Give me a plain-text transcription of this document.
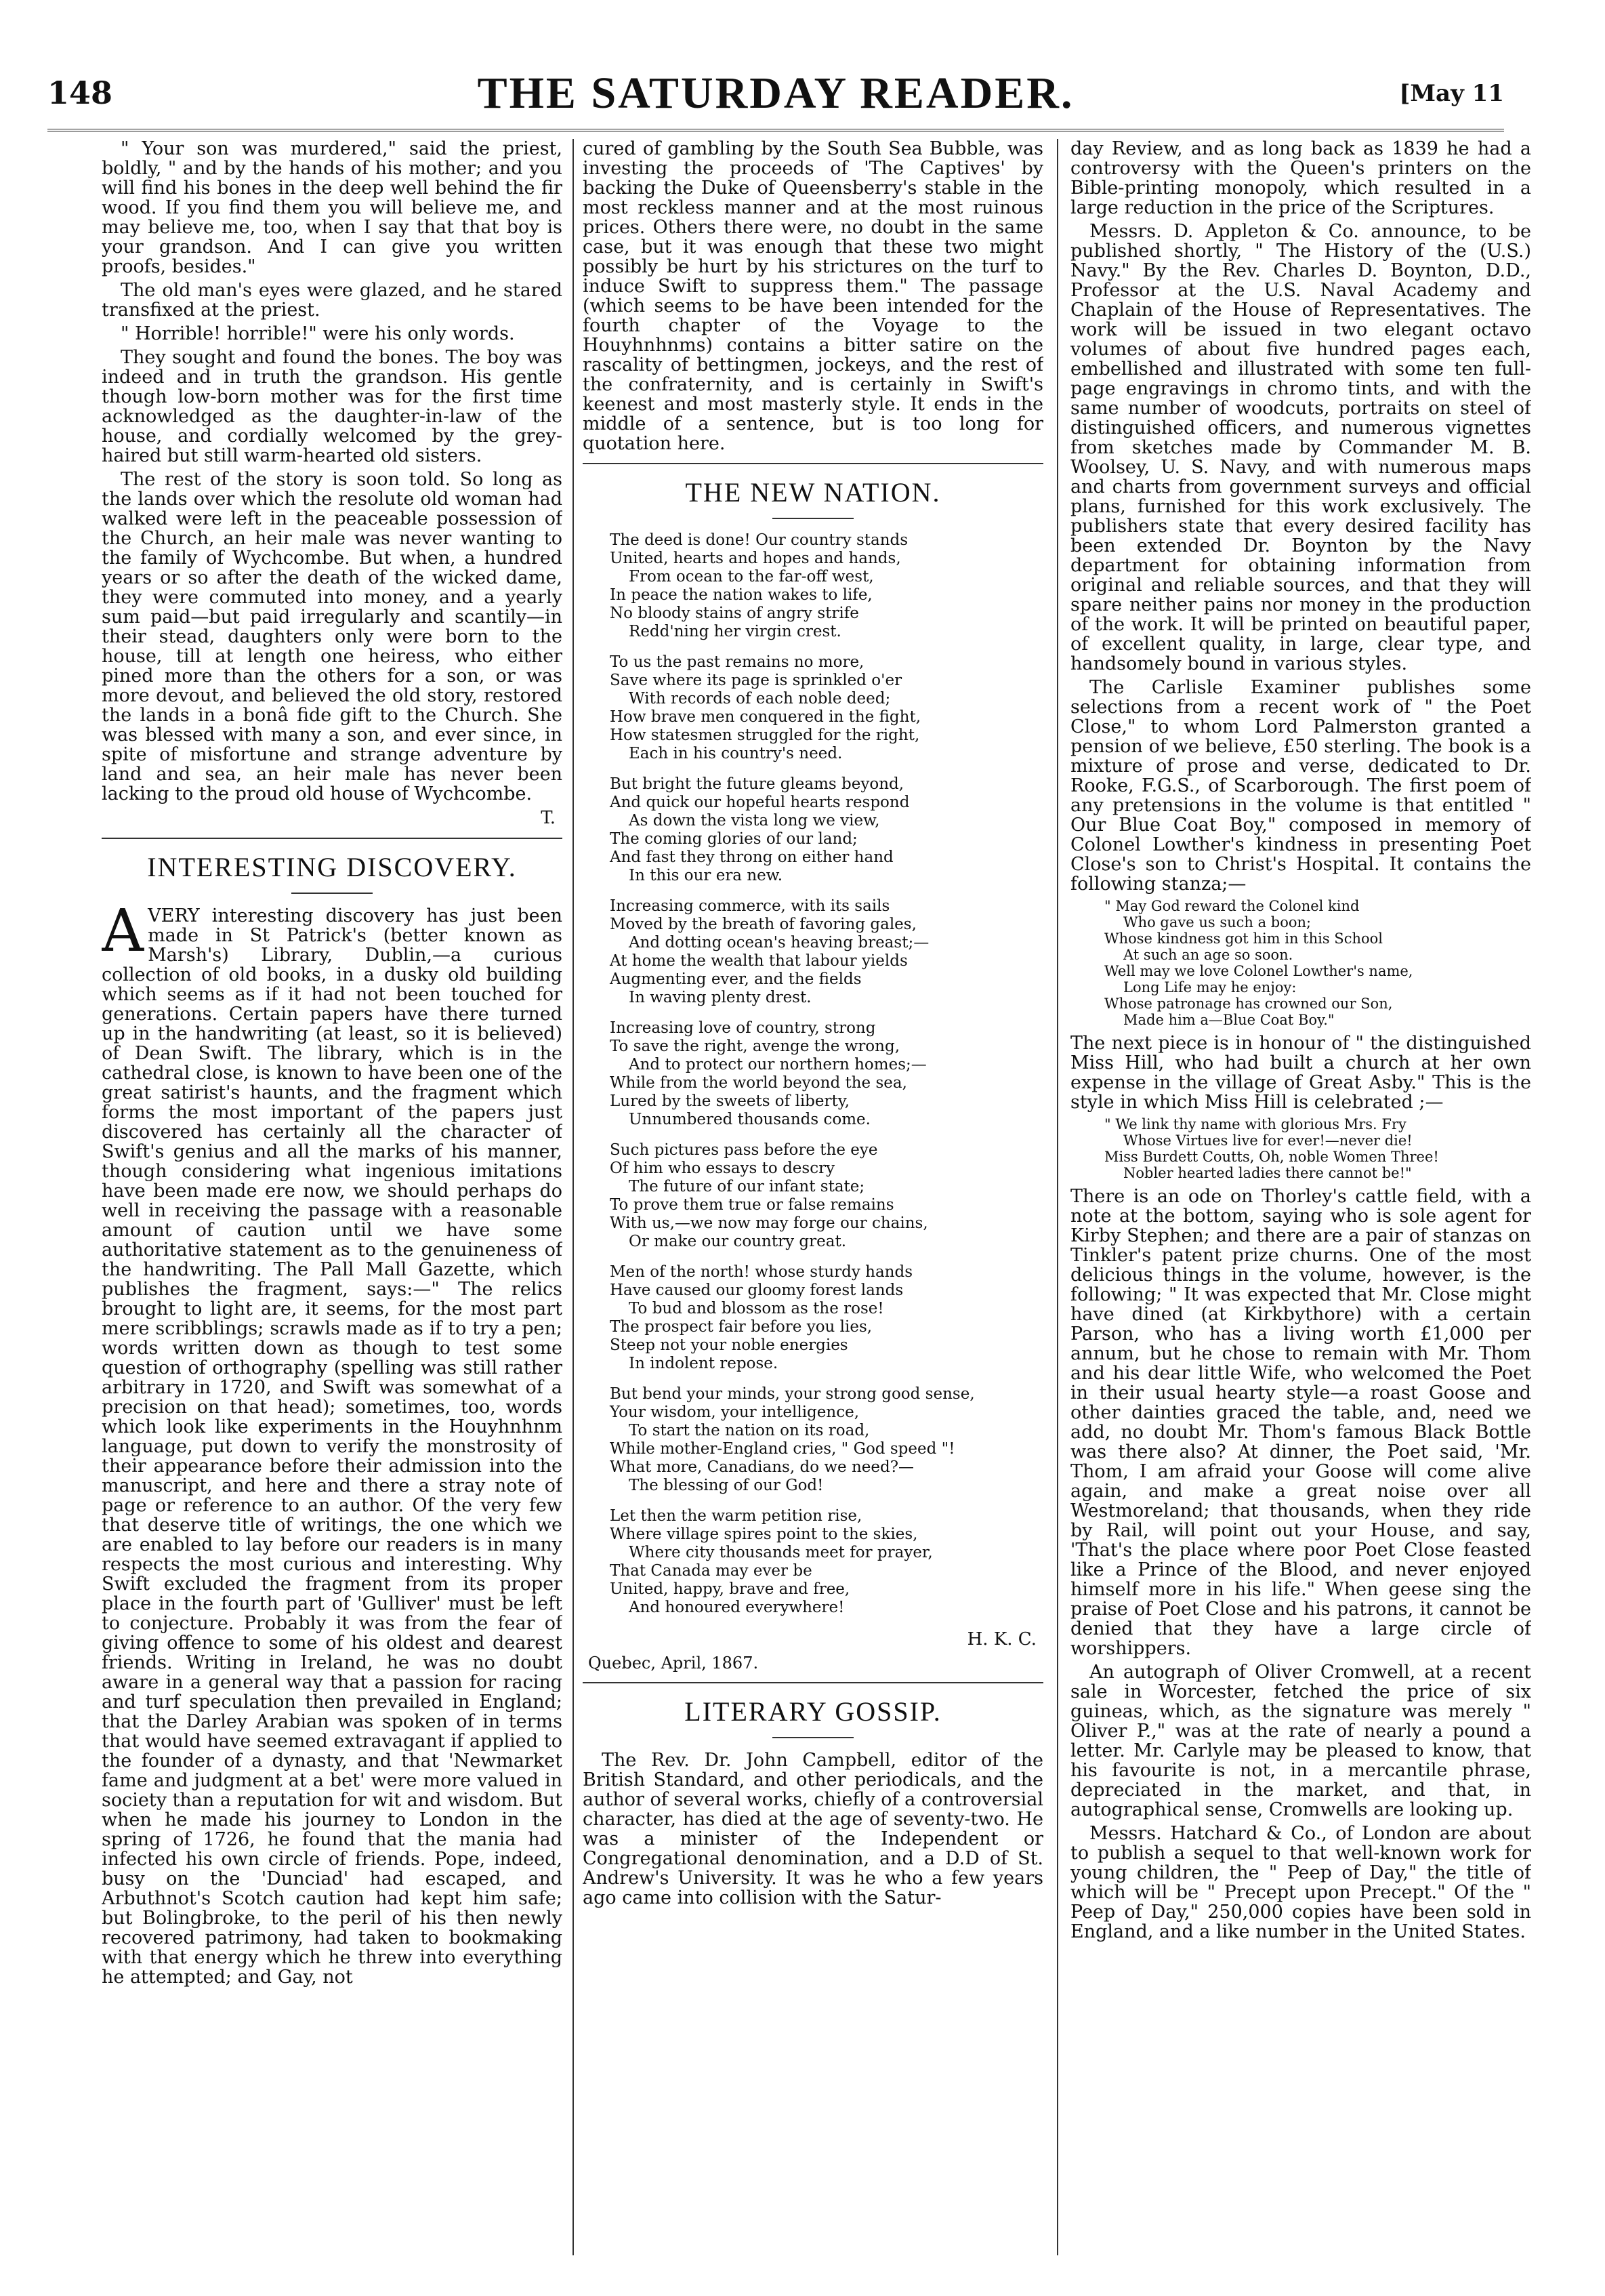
148	THE SATURDAY READER.	[May 11

" Your son was murdered," said the priest, boldly, " and by the hands of his mother; and you will find his bones in the deep well behind the fir wood. If you find them you will believe me, and may believe me, too, when I say that that boy is your grandson. And I can give you written proofs, besides."

The old man's eyes were glazed, and he stared transfixed at the priest.

" Horrible! horrible!" were his only words.

They sought and found the bones. The boy was indeed and in truth the grandson. His gentle though low-born mother was for the first time acknowledged as the daughter-in-law of the house, and cordially welcomed by the grey-haired but still warm-hearted old sisters.

The rest of the story is soon told. So long as the lands over which the resolute old woman had walked were left in the peaceable possession of the Church, an heir male was never wanting to the family of Wychcombe. But when, a hundred years or so after the death of the wicked dame, they were commuted into money, and a yearly sum paid—but paid irregularly and scantily—in their stead, daughters only were born to the house, till at length one heiress, who either pined more than the others for a son, or was more devout, and believed the old story, restored the lands in a bonâ fide gift to the Church. She was blessed with many a son, and ever since, in spite of misfortune and strange adventure by land and sea, an heir male has never been lacking to the proud old house of Wychcombe.

T.
INTERESTING DISCOVERY.

AVERY interesting discovery has just been made in St Patrick's (better known as Marsh's) Library, Dublin,—a curious collection of old books, in a dusky old building which seems as if it had not been touched for generations. Certain papers have there turned up in the handwriting (at least, so it is believed) of Dean Swift. The library, which is in the cathedral close, is known to have been one of the great satirist's haunts, and the fragment which forms the most important of the papers just discovered has certainly all the character of Swift's genius and all the marks of his manner, though considering what ingenious imitations have been made ere now, we should perhaps do well in receiving the passage with a reasonable amount of caution until we have some authoritative statement as to the genuineness of the handwriting. The Pall Mall Gazette, which publishes the fragment, says:—" The relics brought to light are, it seems, for the most part mere scribblings; scrawls made as if to try a pen; words written down as though to test some question of orthography (spelling was still rather arbitrary in 1720, and Swift was somewhat of a precision on that head); sometimes, too, words which look like experiments in the Houyhnhnm language, put down to verify the monstrosity of their appearance before their admission into the manuscript, and here and there a stray note of page or reference to an author. Of the very few that deserve title of writings, the one which we are enabled to lay before our readers is in many respects the most curious and interesting. Why Swift excluded the fragment from its proper place in the fourth part of 'Gulliver' must be left to conjecture. Probably it was from the fear of giving offence to some of his oldest and dearest friends. Writing in Ireland, he was no doubt aware in a general way that a passion for racing and turf speculation then prevailed in England; that the Darley Arabian was spoken of in terms that would have seemed extravagant if applied to the founder of a dynasty, and that 'Newmarket fame and judgment at a bet' were more valued in society than a reputation for wit and wisdom. But when he made his journey to London in the spring of 1726, he found that the mania had infected his own circle of friends. Pope, indeed, busy on the 'Dunciad' had escaped, and Arbuthnot's Scotch caution had kept him safe; but Bolingbroke, to the peril of his then newly recovered patrimony, had taken to bookmaking with that energy which he threw into everything he attempted; and Gay, not

cured of gambling by the South Sea Bubble, was investing the proceeds of 'The Captives' by backing the Duke of Queensberry's stable in the most reckless manner and at the most ruinous prices. Others there were, no doubt in the same case, but it was enough that these two might possibly be hurt by his strictures on the turf to induce Swift to suppress them." The passage (which seems to be have been intended for the fourth chapter of the Voyage to the Houyhnhnms) contains a bitter satire on the rascality of bettingmen, jockeys, and the rest of the confraternity, and is certainly in Swift's keenest and most masterly style. It ends in the middle of a sentence, but is too long for quotation here.

THE NEW NATION.
The deed is done! Our country stands
United, hearts and hopes and hands,
From ocean to the far-off west,
In peace the nation wakes to life,
No bloody stains of angry strife
Redd'ning her virgin crest.
To us the past remains no more,
Save where its page is sprinkled o'er
With records of each noble deed;
How brave men conquered in the fight,
How statesmen struggled for the right,
Each in his country's need.
But bright the future gleams beyond,
And quick our hopeful hearts respond
As down the vista long we view,
The coming glories of our land;
And fast they throng on either hand
In this our era new.
Increasing commerce, with its sails
Moved by the breath of favoring gales,
And dotting ocean's heaving breast;—
At home the wealth that labour yields
Augmenting ever, and the fields
In waving plenty drest.
Increasing love of country, strong
To save the right, avenge the wrong,
And to protect our northern homes;—
While from the world beyond the sea,
Lured by the sweets of liberty,
Unnumbered thousands come.
Such pictures pass before the eye
Of him who essays to descry
The future of our infant state;
To prove them true or false remains
With us,—we now may forge our chains,
Or make our country great.
Men of the north! whose sturdy hands
Have caused our gloomy forest lands
To bud and blossom as the rose!
The prospect fair before you lies,
Steep not your noble energies
In indolent repose.
But bend your minds, your strong good sense,
Your wisdom, your intelligence,
To start the nation on its road,
While mother-England cries, " God speed "!
What more, Canadians, do we need?—
The blessing of our God!
Let then the warm petition rise,
Where village spires point to the skies,
Where city thousands meet for prayer,
That Canada may ever be
United, happy, brave and free,
And honoured everywhere!
H. K. C.
Quebec, April, 1867.
LITERARY GOSSIP.

The Rev. Dr. John Campbell, editor of the British Standard, and other periodicals, and the author of several works, chiefly of a controversial character, has died at the age of seventy-two. He was a minister of the Independent or Congregational denomination, and a D.D of St. Andrew's University. It was he who a few years ago came into collision with the Satur-

day Review, and as long back as 1839 he had a controversy with the Queen's printers on the Bible-printing monopoly, which resulted in a large reduction in the price of the Scriptures.

Messrs. D. Appleton & Co. announce, to be published shortly, " The History of the (U.S.) Navy." By the Rev. Charles D. Boynton, D.D., Professor at the U.S. Naval Academy and Chaplain of the House of Representatives. The work will be issued in two elegant octavo volumes of about five hundred pages each, embellished and illustrated with some ten full-page engravings in chromo tints, and with the same number of woodcuts, portraits on steel of distinguished officers, and numerous vignettes from sketches made by Commander M. B. Woolsey, U. S. Navy, and with numerous maps and charts from government surveys and official plans, furnished for this work exclusively. The publishers state that every desired facility has been extended Dr. Boynton by the Navy department for obtaining information from original and reliable sources, and that they will spare neither pains nor money in the production of the work. It will be printed on beautiful paper, of excellent quality, in large, clear type, and handsomely bound in various styles.

The Carlisle Examiner publishes some selections from a recent work of " the Poet Close," to whom Lord Palmerston granted a pension of we believe, £50 sterling. The book is a mixture of prose and verse, dedicated to Dr. Rooke, F.G.S., of Scarborough. The first poem of any pretensions in the volume is that entitled " Our Blue Coat Boy," composed in memory of Colonel Lowther's kindness in presenting Poet Close's son to Christ's Hospital. It contains the following stanza;—

" May God reward the Colonel kind
Who gave us such a boon;
Whose kindness got him in this School
At such an age so soon.
Well may we love Colonel Lowther's name,
Long Life may he enjoy:
Whose patronage has crowned our Son,
Made him a—Blue Coat Boy."

The next piece is in honour of " the distinguished Miss Hill, who had built a church at her own expense in the village of Great Asby." This is the style in which Miss Hill is celebrated ;—

" We link thy name with glorious Mrs. Fry
Whose Virtues live for ever!—never die!
Miss Burdett Coutts, Oh, noble Women Three!
Nobler hearted ladies there cannot be!"

There is an ode on Thorley's cattle field, with a note at the bottom, saying who is sole agent for Kirby Stephen; and there are a pair of stanzas on Tinkler's patent prize churns. One of the most delicious things in the volume, however, is the following; " It was expected that Mr. Close might have dined (at Kirkbythore) with a certain Parson, who has a living worth £1,000 per annum, but he chose to remain with Mr. Thom and his dear little Wife, who welcomed the Poet in their usual hearty style—a roast Goose and other dainties graced the table, and, need we add, no doubt Mr. Thom's famous Black Bottle was there also? At dinner, the Poet said, 'Mr. Thom, I am afraid your Goose will come alive again, and make a great noise over all Westmoreland; that thousands, when they ride by Rail, will point out your House, and say, 'That's the place where poor Poet Close feasted like a Prince of the Blood, and never enjoyed himself more in his life." When geese sing the praise of Poet Close and his patrons, it cannot be denied that they have a large circle of worshippers.

An autograph of Oliver Cromwell, at a recent sale in Worcester, fetched the price of six guineas, which, as the signature was merely " Oliver P.," was at the rate of nearly a pound a letter. Mr. Carlyle may be pleased to know, that his favourite is not, in a mercantile phrase, depreciated in the market, and that, in autographical sense, Cromwells are looking up.

Messrs. Hatchard & Co., of London are about to publish a sequel to that well-known work for young children, the " Peep of Day," the title of which will be " Precept upon Precept." Of the " Peep of Day," 250,000 copies have been sold in England, and a like number in the United States.
